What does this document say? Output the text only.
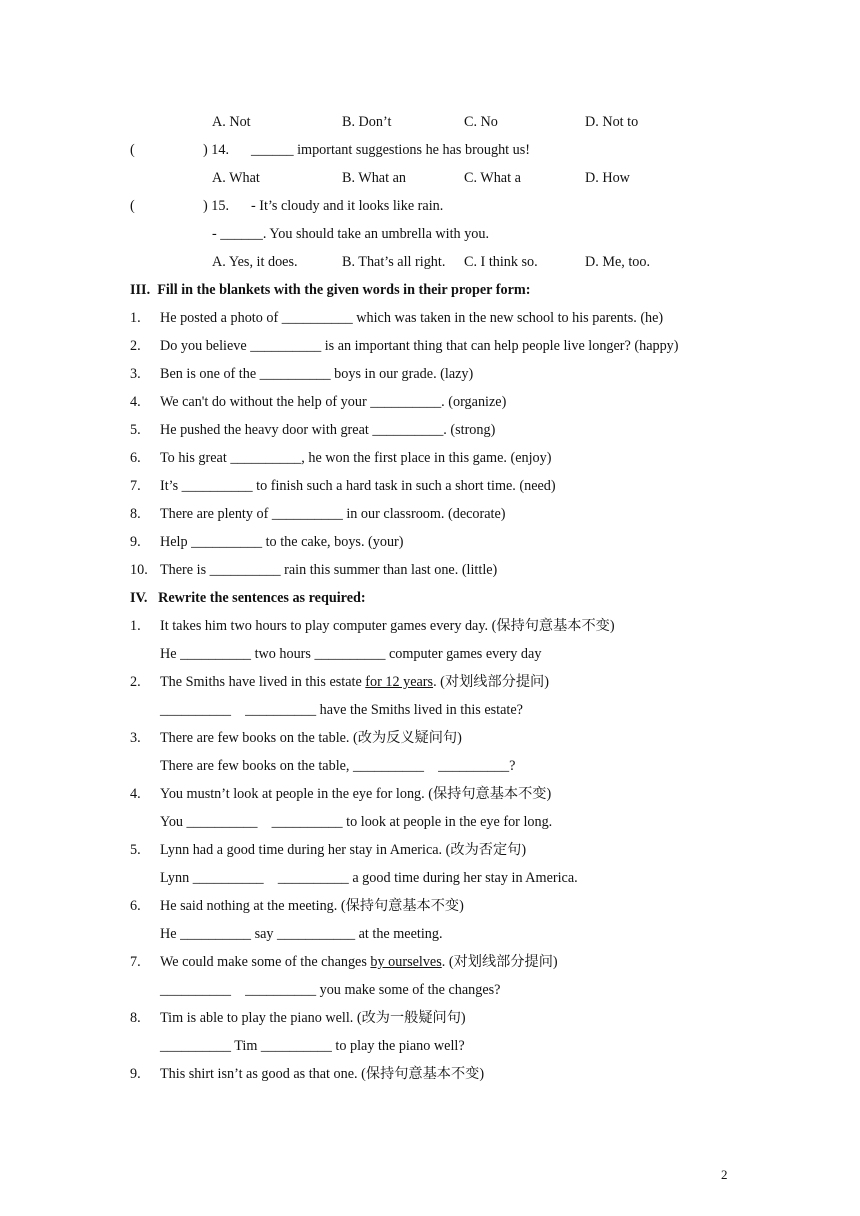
A. Not	B. Don’t	C. No	D. Not to
(	) 14. ______ important suggestions he has brought us!
A. What	B. What an	C. What a	D. How
(	) 15. - It’s cloudy and it looks like rain.
- ______. You should take an umbrella with you.
A. Yes, it does.	B. That’s all right. C. I think so.	D. Me, too.
III.  Fill in the blankets with the given words in their proper form:
1. He posted a photo of __________ which was taken in the new school to his parents. (he)
2. Do you believe __________ is an important thing that can help people live longer? (happy)
3. Ben is one of the __________ boys in our grade. (lazy)
4. We can't do without the help of your __________. (organize)
5. He pushed the heavy door with great __________. (strong)
6. To his great __________, he won the first place in this game. (enjoy)
7. It’s __________ to finish such a hard task in such a short time. (need)
8. There are plenty of __________ in our classroom. (decorate)
9. Help __________ to the cake, boys. (your)
10. There is __________ rain this summer than last one. (little)
IV.   Rewrite the sentences as required:
1. It takes him two hours to play computer games every day. (保持句意基本不变)
He __________ two hours __________ computer games every day
2. The Smiths have lived in this estate for 12 years. (对划线部分提问)
__________    __________ have the Smiths lived in this estate?
3. There are few books on the table. (改为反义疑问句)
There are few books on the table, __________    __________?
4. You mustn’t look at people in the eye for long. (保持句意基本不变)
You __________    __________ to look at people in the eye for long.
5. Lynn had a good time during her stay in America. (改为否定句)
Lynn __________    __________ a good time during her stay in America.
6. He said nothing at the meeting. (保持句意基本不变)
He __________ say ___________ at the meeting.
7. We could make some of the changes by ourselves. (对划线部分提问)
__________    __________ you make some of the changes?
8. Tim is able to play the piano well. (改为一般疑问句)
__________ Tim __________ to play the piano well?
9. This shirt isn’t as good as that one. (保持句意基本不变)
2
